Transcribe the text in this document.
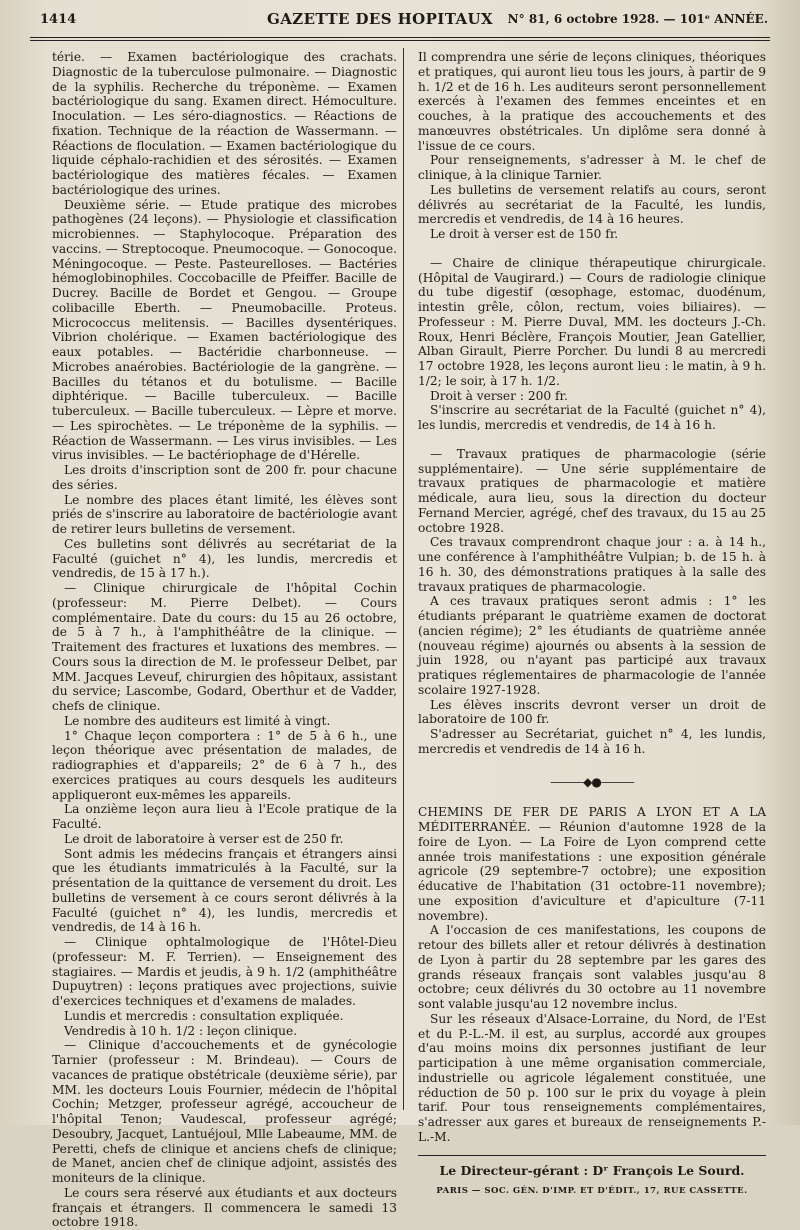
1414	GAZETTE DES HOPITAUX N° 81, 6 octobre 1928. — 101ᵉ ANNÉE.

térie. — Examen bactériologique des crachats. Diagnostic de la tuberculose pulmonaire. — Diagnostic de la syphilis. Recherche du tréponème. — Examen bactériologique du sang. Examen direct. Hémoculture. Inoculation. — Les séro-diagnostics. — Réactions de fixation. Technique de la réaction de Wassermann. — Réactions de floculation. — Examen bactériologique du liquide céphalo-rachidien et des sérosités. — Examen bactériologique des matières fécales. — Examen bactériologique des urines.

Deuxième série. — Etude pratique des microbes pathogènes (24 leçons). — Physiologie et classification microbiennes. — Staphylocoque. Préparation des vaccins. — Streptocoque. Pneumocoque. — Gonocoque. Méningocoque. — Peste. Pasteurelloses. — Bactéries hémoglobinophiles. Coccobacille de Pfeiffer. Bacille de Ducrey. Bacille de Bordet et Gengou. — Groupe colibacille Eberth. — Pneumobacille. Proteus. Micrococcus melitensis. — Bacilles dysentériques. Vibrion cholérique. — Examen bactériologique des eaux potables. — Bactéridie charbonneuse. — Microbes anaérobies. Bactériologie de la gangrène. — Bacilles du tétanos et du botulisme. — Bacille diphtérique. — Bacille tuberculeux. — Bacille tuberculeux. — Bacille tuberculeux. — Lèpre et morve. — Les spirochètes. — Le tréponème de la syphilis. — Réaction de Wassermann. — Les virus invisibles. — Les virus invisibles. — Le bactériophage de d'Hérelle.

Les droits d'inscription sont de 200 fr. pour chacune des séries.

Le nombre des places étant limité, les élèves sont priés de s'inscrire au laboratoire de bactériologie avant de retirer leurs bulletins de versement.

Ces bulletins sont délivrés au secrétariat de la Faculté (guichet n° 4), les lundis, mercredis et vendredis, de 15 à 17 h.).

— Clinique chirurgicale de l'hôpital Cochin (professeur: M. Pierre Delbet). — Cours complémentaire. Date du cours: du 15 au 26 octobre, de 5 à 7 h., à l'amphithéâtre de la clinique. — Traitement des fractures et luxations des membres. — Cours sous la direction de M. le professeur Delbet, par MM. Jacques Leveuf, chirurgien des hôpitaux, assistant du service; Lascombe, Godard, Oberthur et de Vadder, chefs de clinique.

Le nombre des auditeurs est limité à vingt.

1° Chaque leçon comportera : 1° de 5 à 6 h., une leçon théorique avec présentation de malades, de radiographies et d'appareils; 2° de 6 à 7 h., des exercices pratiques au cours desquels les auditeurs appliqueront eux-mêmes les appareils.

La onzième leçon aura lieu à l'Ecole pratique de la Faculté.

Le droit de laboratoire à verser est de 250 fr.

Sont admis les médecins français et étrangers ainsi que les étudiants immatriculés à la Faculté, sur la présentation de la quittance de versement du droit. Les bulletins de versement à ce cours seront délivrés à la Faculté (guichet n° 4), les lundis, mercredis et vendredis, de 14 à 16 h.

— Clinique ophtalmologique de l'Hôtel-Dieu (professeur: M. F. Terrien). — Enseignement des stagiaires. — Mardis et jeudis, à 9 h. 1/2 (amphithéâtre Dupuytren) : leçons pratiques avec projections, suivie d'exercices techniques et d'examens de malades.

Lundis et mercredis : consultation expliquée.

Vendredis à 10 h. 1/2 : leçon clinique.

— Clinique d'accouchements et de gynécologie Tarnier (professeur : M. Brindeau). — Cours de vacances de pratique obstétricale (deuxième série), par MM. les docteurs Louis Fournier, médecin de l'hôpital Cochin; Metzger, professeur agrégé, accoucheur de l'hôpital Tenon; Vaudescal, professeur agrégé; Desoubry, Jacquet, Lantuéjoul, Mlle Labeaume, MM. de Peretti, chefs de clinique et anciens chefs de clinique; de Manet, ancien chef de clinique adjoint, assistés des moniteurs de la clinique.

Le cours sera réservé aux étudiants et aux docteurs français et étrangers. Il commencera le samedi 13 octobre 1918.

Il comprendra une série de leçons cliniques, théoriques et pratiques, qui auront lieu tous les jours, à partir de 9 h. 1/2 et de 16 h. Les auditeurs seront personnellement exercés à l'examen des femmes enceintes et en couches, à la pratique des accouchements et des manœuvres obstétricales. Un diplôme sera donné à l'issue de ce cours.

Pour renseignements, s'adresser à M. le chef de clinique, à la clinique Tarnier.

Les bulletins de versement relatifs au cours, seront délivrés au secrétariat de la Faculté, les lundis, mercredis et vendredis, de 14 à 16 heures.

Le droit à verser est de 150 fr.

— Chaire de clinique thérapeutique chirurgicale. (Hôpital de Vaugirard.) — Cours de radiologie clinique du tube digestif (œsophage, estomac, duodénum, intestin grêle, côlon, rectum, voies biliaires). — Professeur : M. Pierre Duval, MM. les docteurs J.-Ch. Roux, Henri Béclère, François Moutier, Jean Gatellier, Alban Girault, Pierre Porcher. Du lundi 8 au mercredi 17 octobre 1928, les leçons auront lieu : le matin, à 9 h. 1/2; le soir, à 17 h. 1/2.

Droit à verser : 200 fr.

S'inscrire au secrétariat de la Faculté (guichet n° 4), les lundis, mercredis et vendredis, de 14 à 16 h.

— Travaux pratiques de pharmacologie (série supplémentaire). — Une série supplémentaire de travaux pratiques de pharmacologie et matière médicale, aura lieu, sous la direction du docteur Fernand Mercier, agrégé, chef des travaux, du 15 au 25 octobre 1928.

Ces travaux comprendront chaque jour : a. à 14 h., une conférence à l'amphithéâtre Vulpian; b. de 15 h. à 16 h. 30, des démonstrations pratiques à la salle des travaux pratiques de pharmacologie.

A ces travaux pratiques seront admis : 1° les étudiants préparant le quatrième examen de doctorat (ancien régime); 2° les étudiants de quatrième année (nouveau régime) ajournés ou absents à la session de juin 1928, ou n'ayant pas participé aux travaux pratiques réglementaires de pharmacologie de l'année scolaire 1927-1928.

Les élèves inscrits devront verser un droit de laboratoire de 100 fr.

S'adresser au Secrétariat, guichet n° 4, les lundis, mercredis et vendredis de 14 à 16 h.

———◆●———

CHEMINS DE FER DE PARIS A LYON ET A LA MÉDITERRANÉE. — Réunion d'automne 1928 de la foire de Lyon. — La Foire de Lyon comprend cette année trois manifestations : une exposition générale agricole (29 septembre-7 octobre); une exposition éducative de l'habitation (31 octobre-11 novembre); une exposition d'aviculture et d'apiculture (7-11 novembre).

A l'occasion de ces manifestations, les coupons de retour des billets aller et retour délivrés à destination de Lyon à partir du 28 septembre par les gares des grands réseaux français sont valables jusqu'au 8 octobre; ceux délivrés du 30 octobre au 11 novembre sont valable jusqu'au 12 novembre inclus.

Sur les réseaux d'Alsace-Lorraine, du Nord, de l'Est et du P.-L.-M. il est, au surplus, accordé aux groupes d'au moins moins dix personnes justifiant de leur participation à une même organisation commerciale, industrielle ou agricole légalement constituée, une réduction de 50 p. 100 sur le prix du voyage à plein tarif. Pour tous renseignements complémentaires, s'adresser aux gares et bureaux de renseignements P.-L.-M.

Le Directeur-gérant : Dʳ François Le Sourd.
PARIS — SOC. GÉN. D'IMP. ET D'ÉDIT., 17, RUE CASSETTE.
